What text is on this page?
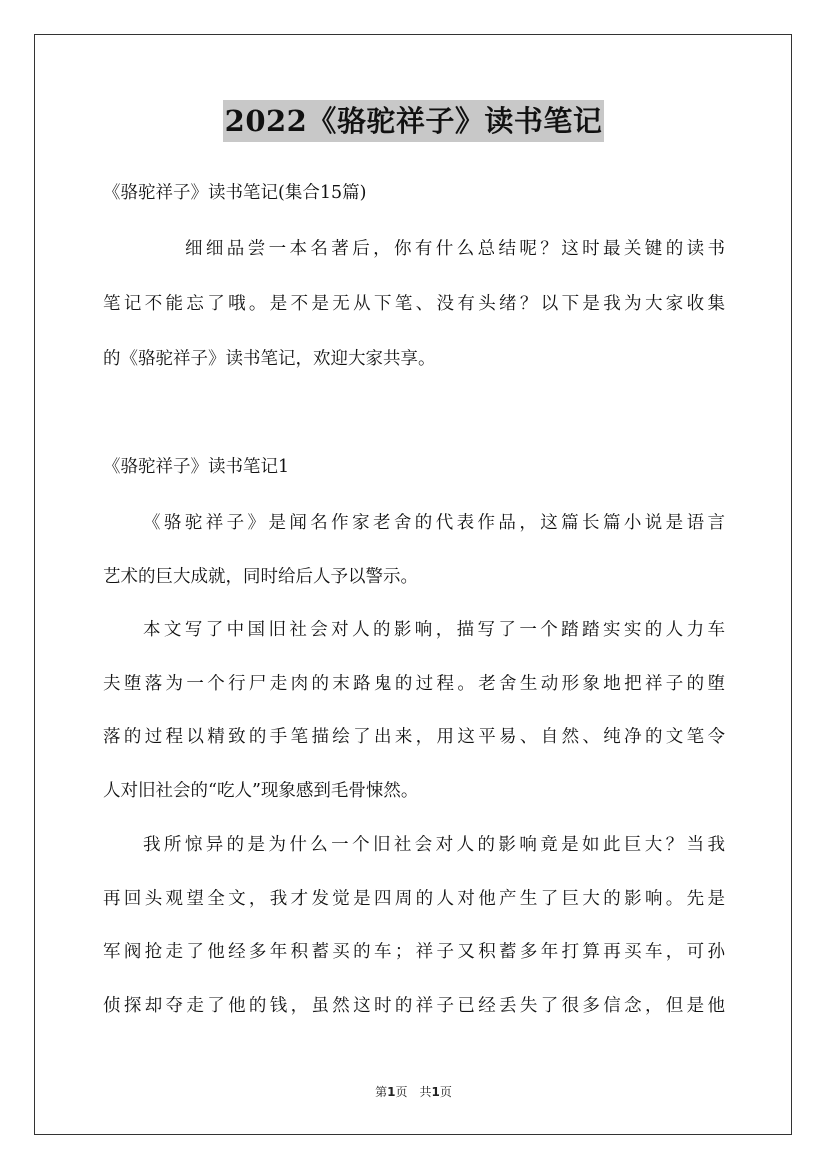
2022《骆驼祥子》读书笔记
《骆驼祥子》读书笔记(集合15篇)
细细品尝一本名著后，你有什么总结呢？这时最关键的读书
笔记不能忘了哦。是不是无从下笔、没有头绪？以下是我为大家收集
的《骆驼祥子》读书笔记，欢迎大家共享。
《骆驼祥子》读书笔记1
《骆驼祥子》是闻名作家老舍的代表作品，这篇长篇小说是语言
艺术的巨大成就，同时给后人予以警示。
本文写了中国旧社会对人的影响，描写了一个踏踏实实的人力车
夫堕落为一个行尸走肉的末路鬼的过程。老舍生动形象地把祥子的堕
落的过程以精致的手笔描绘了出来，用这平易、自然、纯净的文笔令
人对旧社会的“吃人”现象感到毛骨悚然。
我所惊异的是为什么一个旧社会对人的影响竟是如此巨大？当我
再回头观望全文，我才发觉是四周的人对他产生了巨大的影响。先是
军阀抢走了他经多年积蓄买的车；祥子又积蓄多年打算再买车，可孙
侦探却夺走了他的钱，虽然这时的祥子已经丢失了很多信念，但是他
第1页　共1页
